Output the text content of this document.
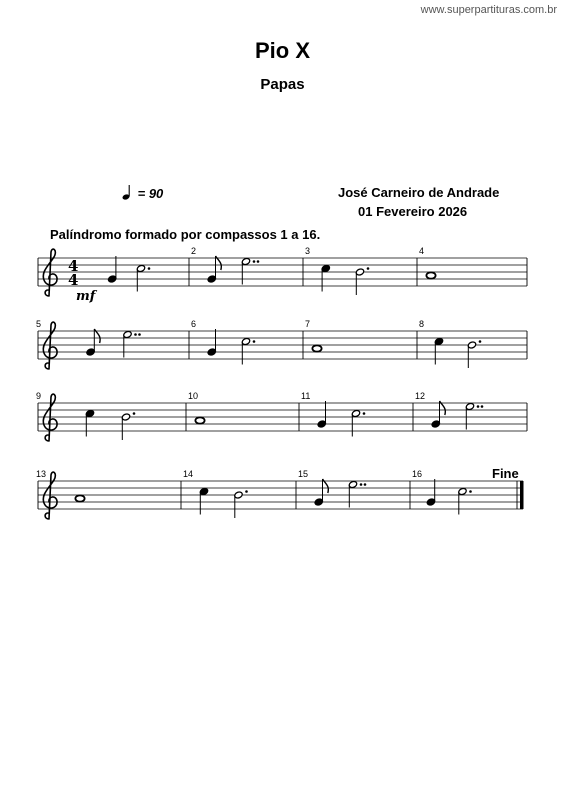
www.superpartituras.com.br
Pio X
Papas
= 90	José Carneiro de Andrade
01 Fevereiro 2026
Palíndromo formado por compassos 1 a 16.
Fine
4
4
mf
2	3	4
5	6	7	8
9	10	11	12
13	14	15	16
